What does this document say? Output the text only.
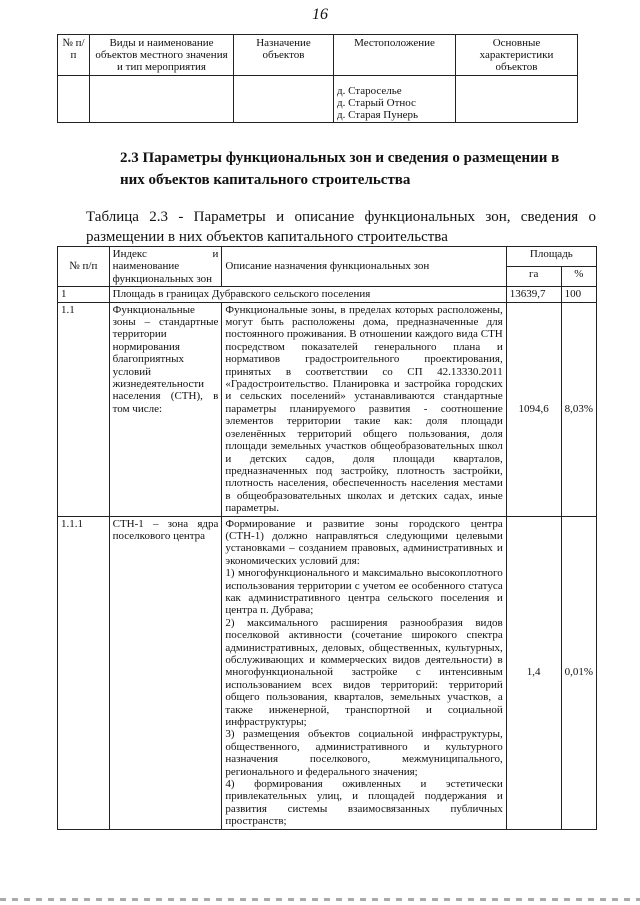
16
№ п/п	Виды и наименование объектов местного значения и тип мероприятия	Назначение объектов	Местоположение	Основные характеристики объектов

			д. Староселье
д. Старый Относ
д. Старая Пунерь	

2.3 Параметры функциональных зон и сведения о размещении в них объектов капитального строительства
Таблица 2.3 - Параметры и описание функциональных зон, сведения о размещении в них объектов капитального строительства
№ п/п	Индекс и наименование функциональных зон	Описание назначения функциональных зон	Площадь	
			га	%
1	Площадь в границах Дубравского сельского поселения		13639,7	100
1.1	Функциональные зоны – стандартные территории нормирования благоприятных условий жизнедеятельности населения (СТН), в том числе:	Функциональные зоны, в пределах которых расположены, могут быть расположены дома, предназначенные для постоянного проживания. В отношении каждого вида СТН посредством показателей генерального плана и нормативов градостроительного проектирования, принятых в соответствии со СП 42.13330.2011 «Градостроительство. Планировка и застройка городских и сельских поселений» устанавливаются стандартные параметры планируемого развития - соотношение элементов территории такие как: доля площади озеленённых территорий общего пользования, доля площади земельных участков общеобразовательных школ и детских садов, доля площади кварталов, предназначенных под застройку, плотность застройки, плотность населения, обеспеченность населения местами в общеобразовательных школах и детских садах, иные параметры.	1094,6	8,03%
1.1.1	СТН-1 – зона ядра поселкового центра	Формирование и развитие зоны городского центра (СТН-1) должно направляться следующими целевыми установками – созданием правовых, административных и экономических условий для:
1) многофункционального и максимально высокоплотного использования территории с учетом ее особенного статуса как административного центра сельского поселения и центра п. Дубрава;
2) максимального расширения разнообразия видов поселковой активности (сочетание широкого спектра административных, деловых, общественных, культурных, обслуживающих и коммерческих видов деятельности) в многофункциональной застройке с интенсивным использованием всех видов территорий: территорий общего пользования, кварталов, земельных участков, а также инженерной, транспортной и социальной инфраструктуры;
3) размещения объектов социальной инфраструктуры, общественного, административного и культурного назначения поселкового, межмуниципального, регионального и федерального значения;
4) формирования оживленных и эстетически привлекательных улиц, и площадей поддержания и развития системы взаимосвязанных публичных пространств;	1,4	0,01%
